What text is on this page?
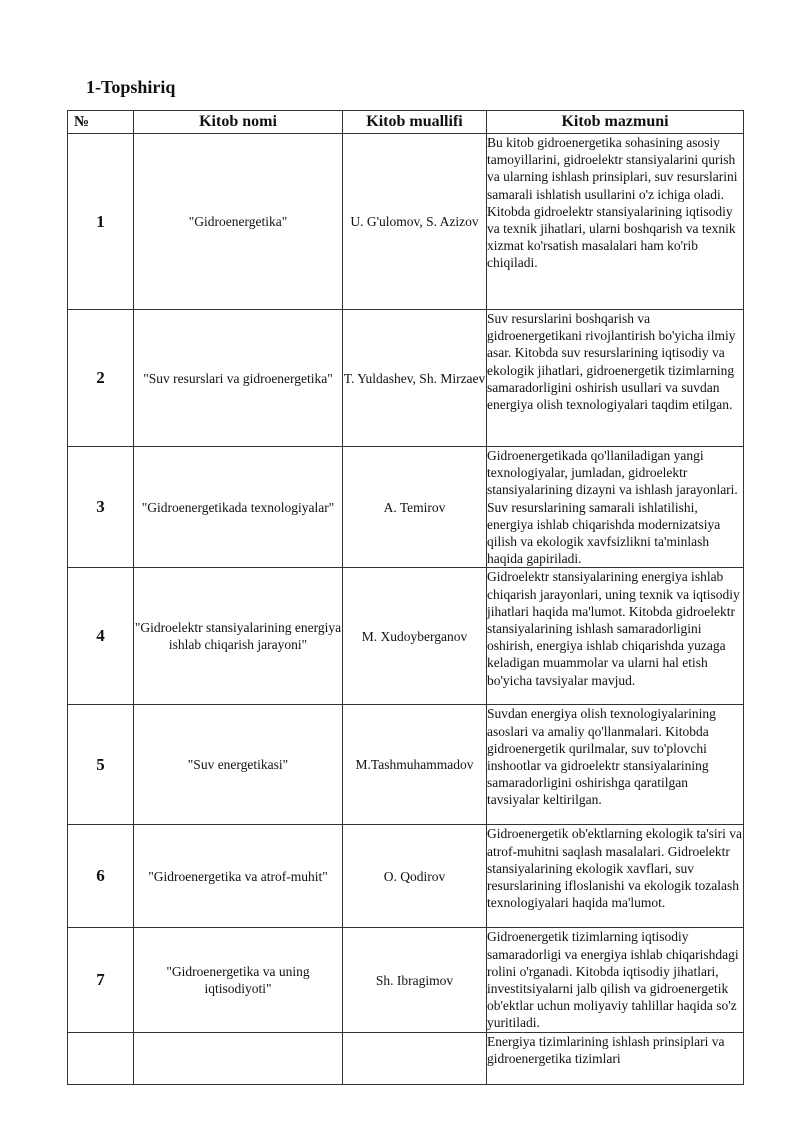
1-Topshiriq
№	Kitob nomi	Kitob muallifi	Kitob mazmuni
1	"Gidroenergetika"	U. G'ulomov, S. Azizov	Bu kitob gidroenergetika sohasining asosiy tamoyillarini, gidroelektr stansiyalarini qurish va ularning ishlash prinsiplari, suv resurslarini samarali ishlatish usullarini o'z ichiga oladi. Kitobda gidroelektr stansiyalarining iqtisodiy va texnik jihatlari, ularni boshqarish va texnik xizmat ko'rsatish masalalari ham ko'rib chiqiladi.
2	"Suv resurslari va gidroenergetika"	T. Yuldashev, Sh. Mirzaev	Suv resurslarini boshqarish va gidroenergetikani rivojlantirish bo'yicha ilmiy asar. Kitobda suv resurslarining iqtisodiy va ekologik jihatlari, gidroenergetik tizimlarning samaradorligini oshirish usullari va suvdan energiya olish texnologiyalari taqdim etilgan.
3	"Gidroenergetikada texnologiyalar"	A. Temirov	Gidroenergetikada qo'llaniladigan yangi texnologiyalar, jumladan, gidroelektr stansiyalarining dizayni va ishlash jarayonlari. Suv resurslarining samarali ishlatilishi, energiya ishlab chiqarishda modernizatsiya qilish va ekologik xavfsizlikni ta'minlash haqida gapiriladi.
4	"Gidroelektr stansiyalarining energiya ishlab chiqarish jarayoni"	M. Xudoyberganov	Gidroelektr stansiyalarining energiya ishlab chiqarish jarayonlari, uning texnik va iqtisodiy jihatlari haqida ma'lumot. Kitobda gidroelektr stansiyalarining ishlash samaradorligini oshirish, energiya ishlab chiqarishda yuzaga keladigan muammolar va ularni hal etish bo'yicha tavsiyalar mavjud.
5	"Suv energetikasi"	M.Tashmuhammadov	Suvdan energiya olish texnologiyalarining asoslari va amaliy qo'llanmalari. Kitobda gidroenergetik qurilmalar, suv to'plovchi inshootlar va gidroelektr stansiyalarining samaradorligini oshirishga qaratilgan tavsiyalar keltirilgan.
6	"Gidroenergetika va atrof-muhit"	O. Qodirov	Gidroenergetik ob'ektlarning ekologik ta'siri va atrof-muhitni saqlash masalalari. Gidroelektr stansiyalarining ekologik xavflari, suv resurslarining ifloslanishi va ekologik tozalash texnologiyalari haqida ma'lumot.
7	"Gidroenergetika va uning iqtisodiyoti"	Sh. Ibragimov	Gidroenergetik tizimlarning iqtisodiy samaradorligi va energiya ishlab chiqarishdagi rolini o'rganadi. Kitobda iqtisodiy jihatlari, investitsiyalarni jalb qilish va gidroenergetik ob'ektlar uchun moliyaviy tahlillar haqida so'z yuritiladi.
			Energiya tizimlarining ishlash prinsiplari va gidroenergetika tizimlari
